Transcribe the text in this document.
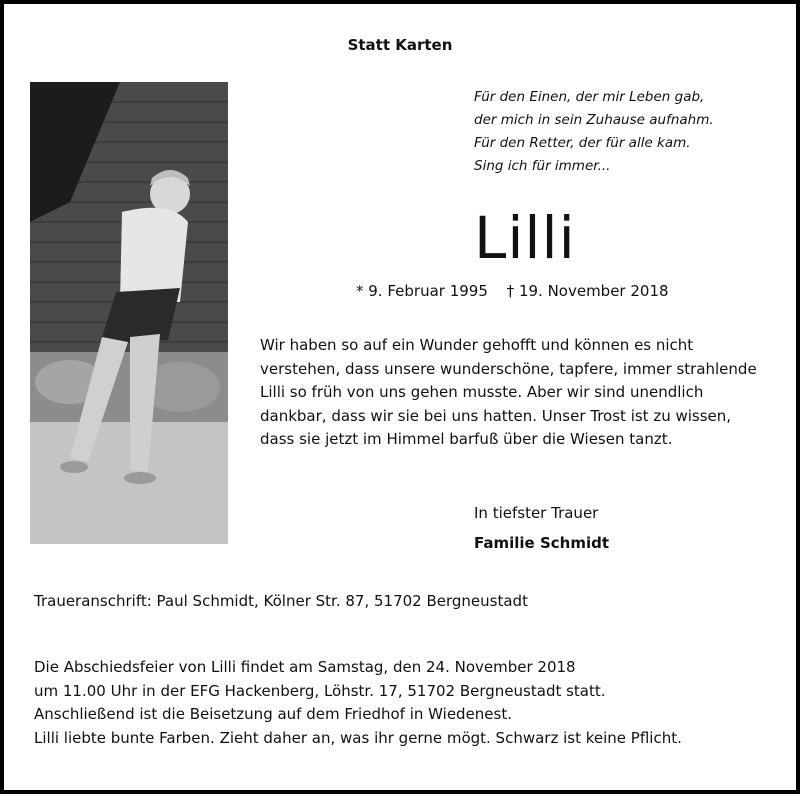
Statt Karten
Für den Einen, der mir Leben gab,
der mich in sein Zuhause aufnahm.
Für den Retter, der für alle kam.
Sing ich für immer...
Lilli
* 9. Februar 1995 † 19. November 2018
Wir haben so auf ein Wunder gehofft und können es nicht
verstehen, dass unsere wunderschöne, tapfere, immer strahlende
Lilli so früh von uns gehen musste. Aber wir sind unendlich
dankbar, dass wir sie bei uns hatten. Unser Trost ist zu wissen,
dass sie jetzt im Himmel barfuß über die Wiesen tanzt.
In tiefster Trauer
Familie Schmidt
Traueranschrift: Paul Schmidt, Kölner Str. 87, 51702 Bergneustadt
Die Abschiedsfeier von Lilli findet am Samstag, den 24. November 2018
um 11.00 Uhr in der EFG Hackenberg, Löhstr. 17, 51702 Bergneustadt statt.
Anschließend ist die Beisetzung auf dem Friedhof in Wiedenest.
Lilli liebte bunte Farben. Zieht daher an, was ihr gerne mögt. Schwarz ist keine Pflicht.
